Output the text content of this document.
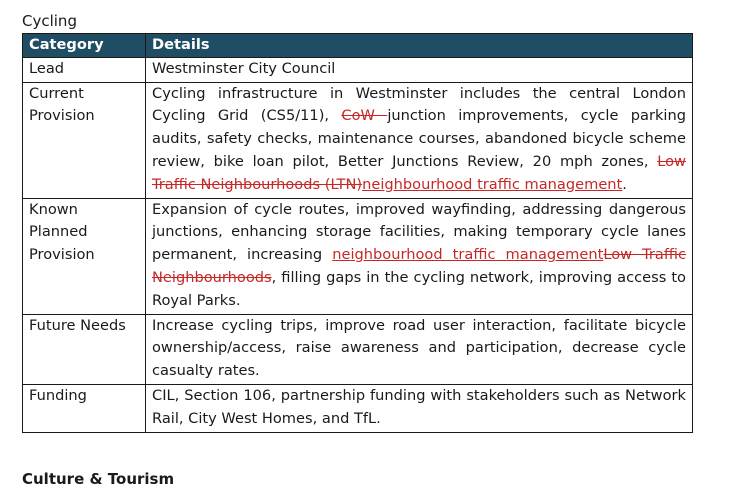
Cycling
Category	Details
Lead	Westminster City Council
Current Provision	Cycling infrastructure in Westminster includes the central London Cycling Grid (CS5/11), CoW junction improvements, cycle parking audits, safety checks, maintenance courses, abandoned bicycle scheme review, bike loan pilot, Better Junctions Review, 20 mph zones, Low Traffic Neighbourhoods (LTN)neighbourhood traffic management.
Known Planned Provision	Expansion of cycle routes, improved wayfinding, addressing dangerous junctions, enhancing storage facilities, making temporary cycle lanes permanent, increasing neighbourhood traffic managementLow Traffic Neighbourhoods, filling gaps in the cycling network, improving access to Royal Parks.
Future Needs	Increase cycling trips, improve road user interaction, facilitate bicycle ownership/access, raise awareness and participation, decrease cycle casualty rates.
Funding	CIL, Section 106, partnership funding with stakeholders such as Network Rail, City West Homes, and TfL.
Culture & Tourism
